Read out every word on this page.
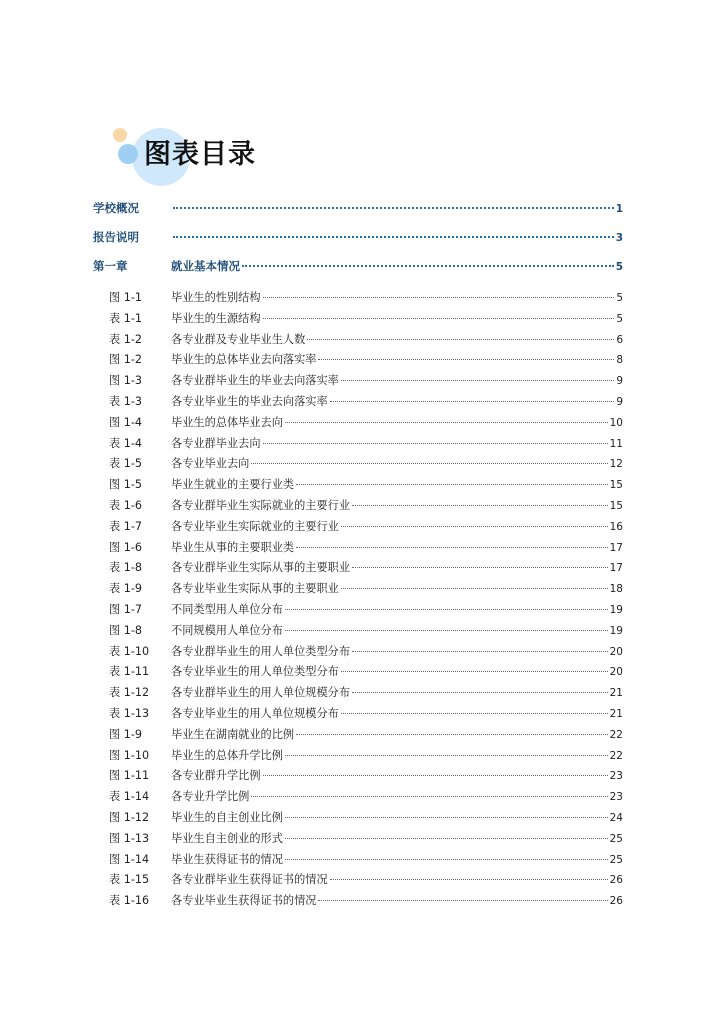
图表目录
学校概况	1
报告说明	3
第一章	就业基本情况	5
图 1-1	毕业生的性别结构	5
表 1-1	毕业生的生源结构	5
表 1-2	各专业群及专业毕业生人数	6
图 1-2	毕业生的总体毕业去向落实率	8
图 1-3	各专业群毕业生的毕业去向落实率	9
表 1-3	各专业毕业生的毕业去向落实率	9
图 1-4	毕业生的总体毕业去向	10
表 1-4	各专业群毕业去向	11
表 1-5	各专业毕业去向	12
图 1-5	毕业生就业的主要行业类	15
表 1-6	各专业群毕业生实际就业的主要行业	15
表 1-7	各专业毕业生实际就业的主要行业	16
图 1-6	毕业生从事的主要职业类	17
表 1-8	各专业群毕业生实际从事的主要职业	17
表 1-9	各专业毕业生实际从事的主要职业	18
图 1-7	不同类型用人单位分布	19
图 1-8	不同规模用人单位分布	19
表 1-10	各专业群毕业生的用人单位类型分布	20
表 1-11	各专业毕业生的用人单位类型分布	20
表 1-12	各专业群毕业生的用人单位规模分布	21
表 1-13	各专业毕业生的用人单位规模分布	21
图 1-9	毕业生在湖南就业的比例	22
图 1-10	毕业生的总体升学比例	22
图 1-11	各专业群升学比例	23
表 1-14	各专业升学比例	23
图 1-12	毕业生的自主创业比例	24
图 1-13	毕业生自主创业的形式	25
图 1-14	毕业生获得证书的情况	25
表 1-15	各专业群毕业生获得证书的情况	26
表 1-16	各专业毕业生获得证书的情况	26
